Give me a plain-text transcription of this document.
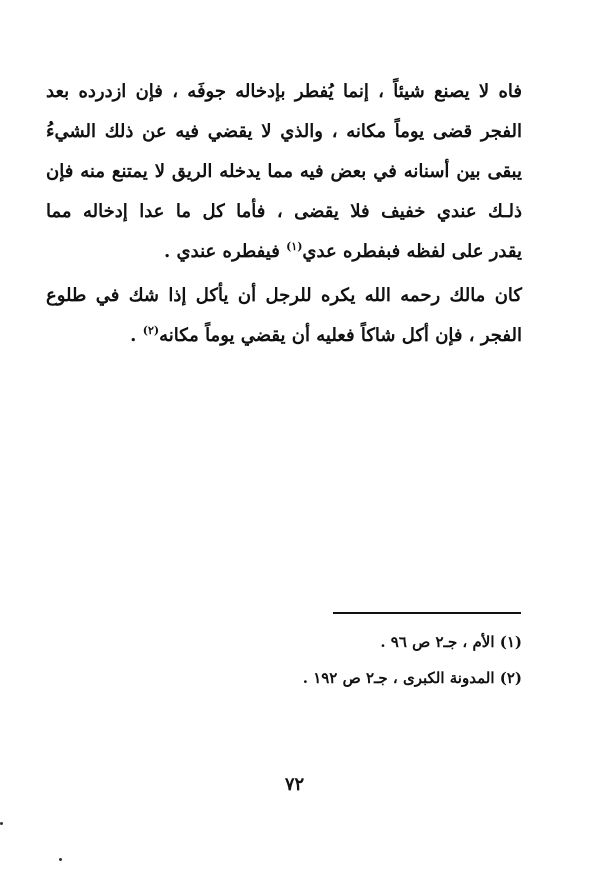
فاه لا يصنع شيئاً ، إنما يُفطر بإدخاله جوفَه ، فإن ازدرده بعد
الفجر قضى يوماً مكانه ، والذي لا يقضي فيه عن ذلك الشيءُ
يبقى بين أسنانه في بعض فيه مما يدخله الريق لا يمتنع منه فإن
ذلـك عندي خفيف فلا يقضى ، فأما كل ما عدا إدخاله مما
يقدر على لفظه فبفطره عدي$^{(١)}$ فيفطره عندي .
كان مالك رحمه الله يكره للرجل أن يأكل إذا شك في طلوع
الفجر ، فإن أكل شاكاً فعليه أن يقضي يوماً مكانه$^{(٢)}$ .
(١) الأم ، جـ٢ ص ٩٦ .
(٢) المدونة الكبرى ، جـ٢ ص ١٩٢ .
٧٢
